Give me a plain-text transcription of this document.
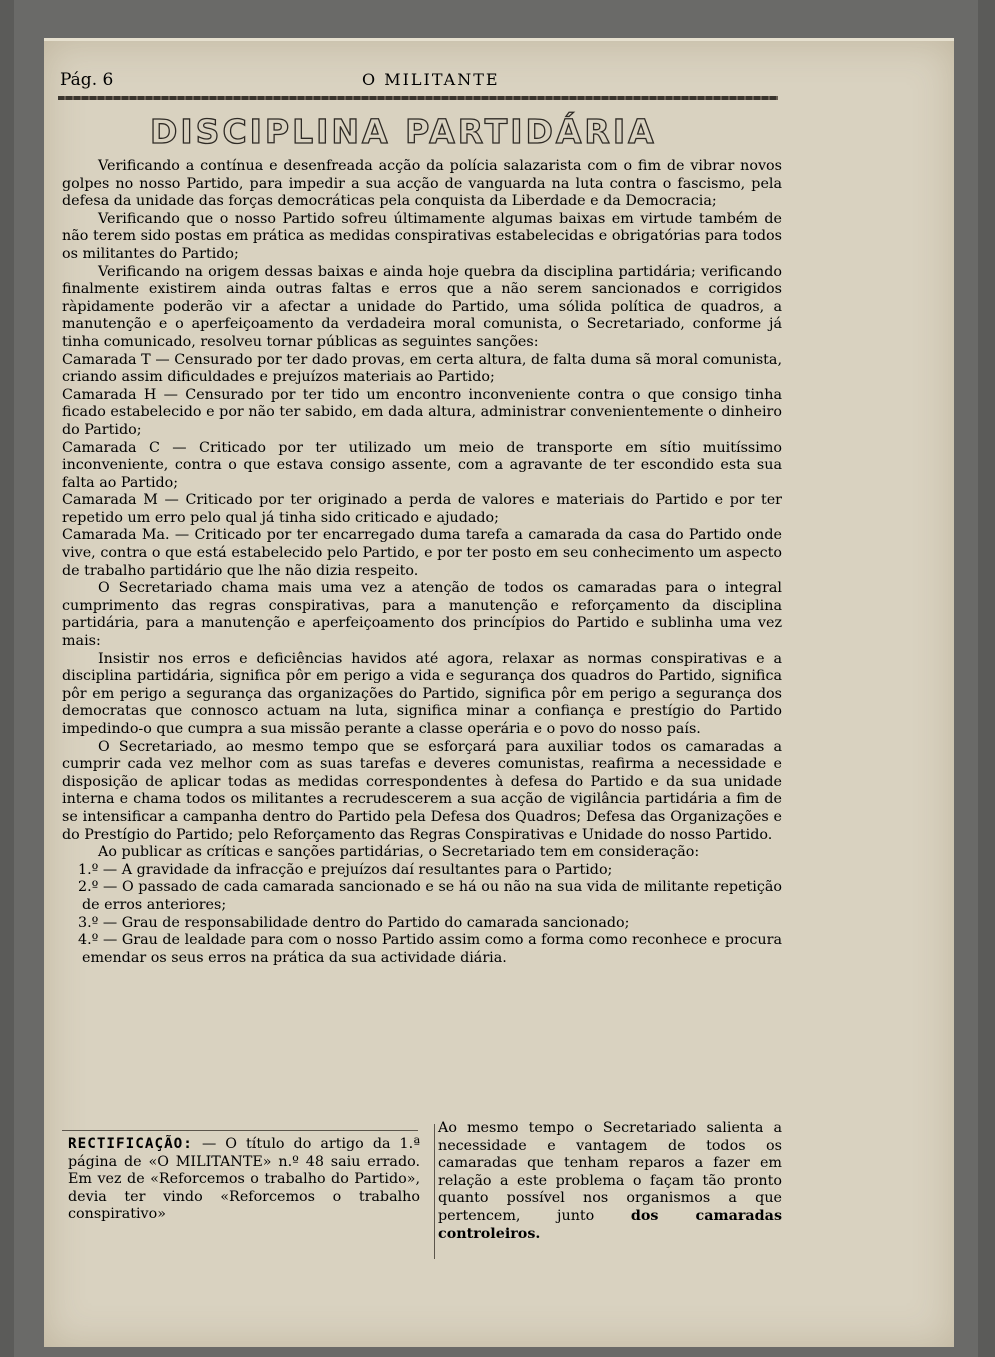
Pág. 6	O MILITANTE
DISCIPLINA PARTIDÁRIA

Verificando a contínua e desenfreada acção da polícia salazarista com o fim de vibrar novos golpes no nosso Partido, para impedir a sua acção de vanguarda na luta contra o fascismo, pela defesa da unidade das forças democráticas pela conquista da Liberdade e da Democracia;

Verificando que o nosso Partido sofreu últimamente algumas baixas em virtude também de não terem sido postas em prática as medidas conspirativas estabelecidas e obrigatórias para todos os militantes do Partido;

Verificando na origem dessas baixas e ainda hoje quebra da disciplina partidária; verificando finalmente existirem ainda outras faltas e erros que a não serem sancionados e corrigidos ràpidamente poderão vir a afectar a unidade do Partido, uma sólida política de quadros, a manutenção e o aperfeiçoamento da verdadeira moral comunista, o Secretariado, conforme já tinha comunicado, resolveu tornar públicas as seguintes sanções:

Camarada T — Censurado por ter dado provas, em certa altura, de falta duma sã moral comunista, criando assim dificuldades e prejuízos materiais ao Partido;

Camarada H — Censurado por ter tido um encontro inconveniente contra o que consigo tinha ficado estabelecido e por não ter sabido, em dada altura, administrar convenientemente o dinheiro do Partido;

Camarada C — Criticado por ter utilizado um meio de transporte em sítio muitíssimo inconveniente, contra o que estava consigo assente, com a agravante de ter escondido esta sua falta ao Partido;

Camarada M — Criticado por ter originado a perda de valores e materiais do Partido e por ter repetido um erro pelo qual já tinha sido criticado e ajudado;

Camarada Ma. — Criticado por ter encarregado duma tarefa a camarada da casa do Partido onde vive, contra o que está estabelecido pelo Partido, e por ter posto em seu conhecimento um aspecto de trabalho partidário que lhe não dizia respeito.

O Secretariado chama mais uma vez a atenção de todos os camaradas para o integral cumprimento das regras conspirativas, para a manutenção e reforçamento da disciplina partidária, para a manutenção e aperfeiçoamento dos princípios do Partido e sublinha uma vez mais:

Insistir nos erros e deficiências havidos até agora, relaxar as normas conspirativas e a disciplina partidária, significa pôr em perigo a vida e segurança dos quadros do Partido, significa pôr em perigo a segurança das organizações do Partido, significa pôr em perigo a segurança dos democratas que connosco actuam na luta, significa minar a confiança e prestígio do Partido impedindo-o que cumpra a sua missão perante a classe operária e o povo do nosso país.

O Secretariado, ao mesmo tempo que se esforçará para auxiliar todos os camaradas a cumprir cada vez melhor com as suas tarefas e deveres comunistas, reafirma a necessidade e disposição de aplicar todas as medidas correspondentes à defesa do Partido e da sua unidade interna e chama todos os militantes a recrudescerem a sua acção de vigilância partidária a fim de se intensificar a campanha dentro do Partido pela Defesa dos Quadros; Defesa das Organizações e do Prestígio do Partido; pelo Reforçamento das Regras Conspirativas e Unidade do nosso Partido.

Ao publicar as críticas e sanções partidárias, o Secretariado tem em consideração:

1.º — A gravidade da infracção e prejuízos daí resultantes para o Partido;

2.º — O passado de cada camarada sancionado e se há ou não na sua vida de militante repetição de erros anteriores;

3.º — Grau de responsabilidade dentro do Partido do camarada sancionado;

4.º — Grau de lealdade para com o nosso Partido assim como a forma como reconhece e procura emendar os seus erros na prática da sua actividade diária.

RECTIFICAÇÃO: — O título do artigo da 1.ª página de «O MILITANTE» n.º 48 saiu errado. Em vez de «Reforcemos o trabalho do Partido», devia ter vindo «Reforcemos o trabalho conspirativo»
Ao mesmo tempo o Secretariado salienta a necessidade e vantagem de todos os camaradas que tenham reparos a fazer em relação a este problema o façam tão pronto quanto possível nos organismos a que pertencem, junto	dos camaradas controleiros.
